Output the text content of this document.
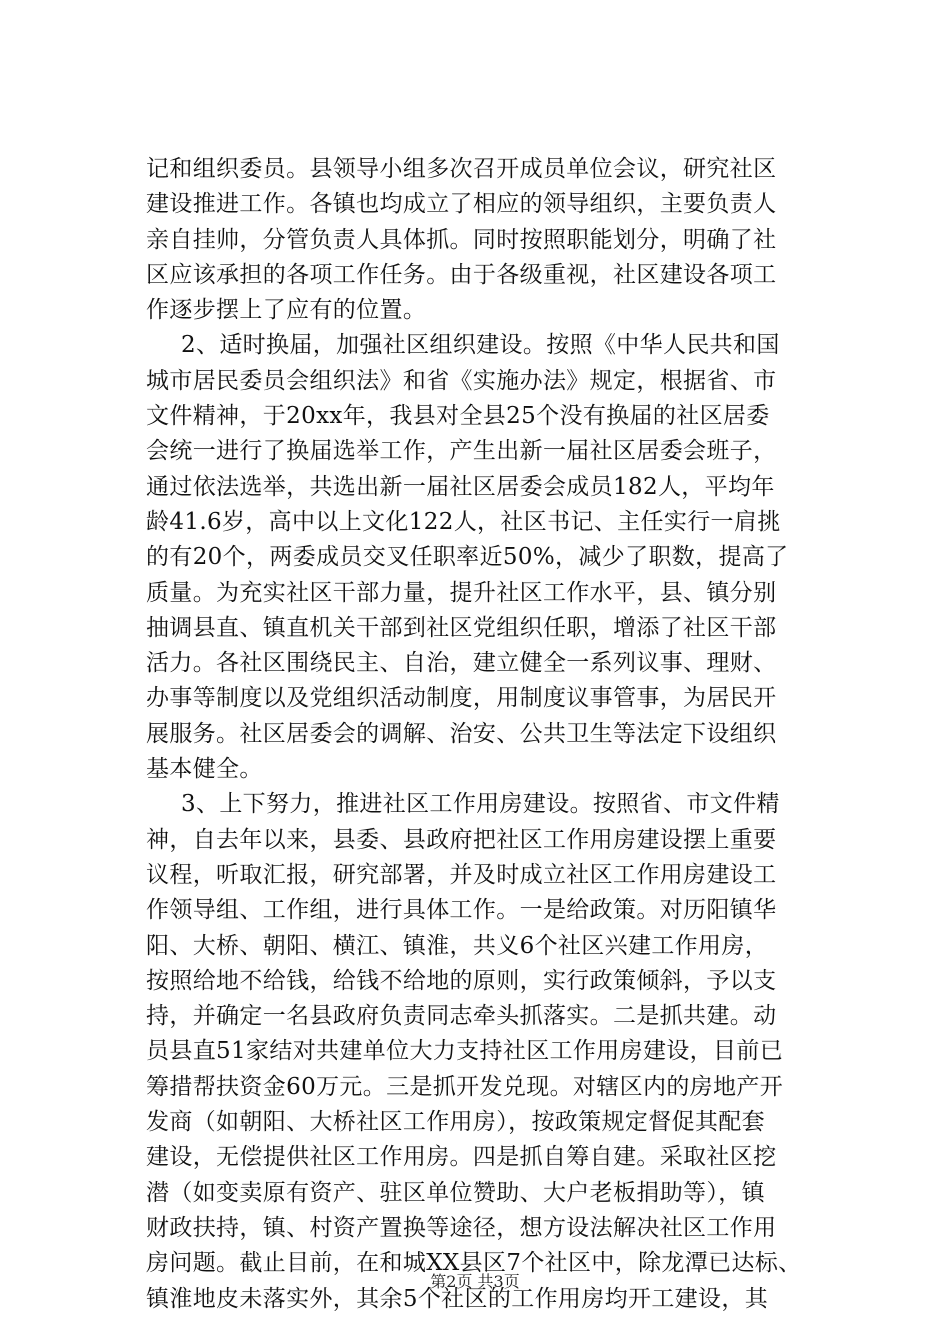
记和组织委员。县领导小组多次召开成员单位会议，研究社区
建设推进工作。各镇也均成立了相应的领导组织，主要负责人
亲自挂帅，分管负责人具体抓。同时按照职能划分，明确了社
区应该承担的各项工作任务。由于各级重视，社区建设各项工
作逐步摆上了应有的位置。
2、适时换届，加强社区组织建设。按照《中华人民共和国
城市居民委员会组织法》和省《实施办法》规定，根据省、市
文件精神，于20xx年，我县对全县25个没有换届的社区居委
会统一进行了换届选举工作，产生出新一届社区居委会班子，
通过依法选举，共选出新一届社区居委会成员182人，平均年
龄41.6岁，高中以上文化122人，社区书记、主任实行一肩挑
的有20个，两委成员交叉任职率近50%，减少了职数，提高了
质量。为充实社区干部力量，提升社区工作水平，县、镇分别
抽调县直、镇直机关干部到社区党组织任职，增添了社区干部
活力。各社区围绕民主、自治，建立健全一系列议事、理财、
办事等制度以及党组织活动制度，用制度议事管事，为居民开
展服务。社区居委会的调解、治安、公共卫生等法定下设组织
基本健全。
3、上下努力，推进社区工作用房建设。按照省、市文件精
神，自去年以来，县委、县政府把社区工作用房建设摆上重要
议程，听取汇报，研究部署，并及时成立社区工作用房建设工
作领导组、工作组，进行具体工作。一是给政策。对历阳镇华
阳、大桥、朝阳、横江、镇淮，共义6个社区兴建工作用房，
按照给地不给钱，给钱不给地的原则，实行政策倾斜，予以支
持，并确定一名县政府负责同志牵头抓落实。二是抓共建。动
员县直51家结对共建单位大力支持社区工作用房建设，目前已
筹措帮扶资金60万元。三是抓开发兑现。对辖区内的房地产开
发商（如朝阳、大桥社区工作用房），按政策规定督促其配套
建设，无偿提供社区工作用房。四是抓自筹自建。采取社区挖
潜（如变卖原有资产、驻区单位赞助、大户老板捐助等），镇
财政扶持，镇、村资产置换等途径，想方设法解决社区工作用
房问题。截止目前，在和城XX县区7个社区中，除龙潭已达标、
镇淮地皮未落实外，其余5个社区的工作用房均开工建设，其
第2页 共3页
